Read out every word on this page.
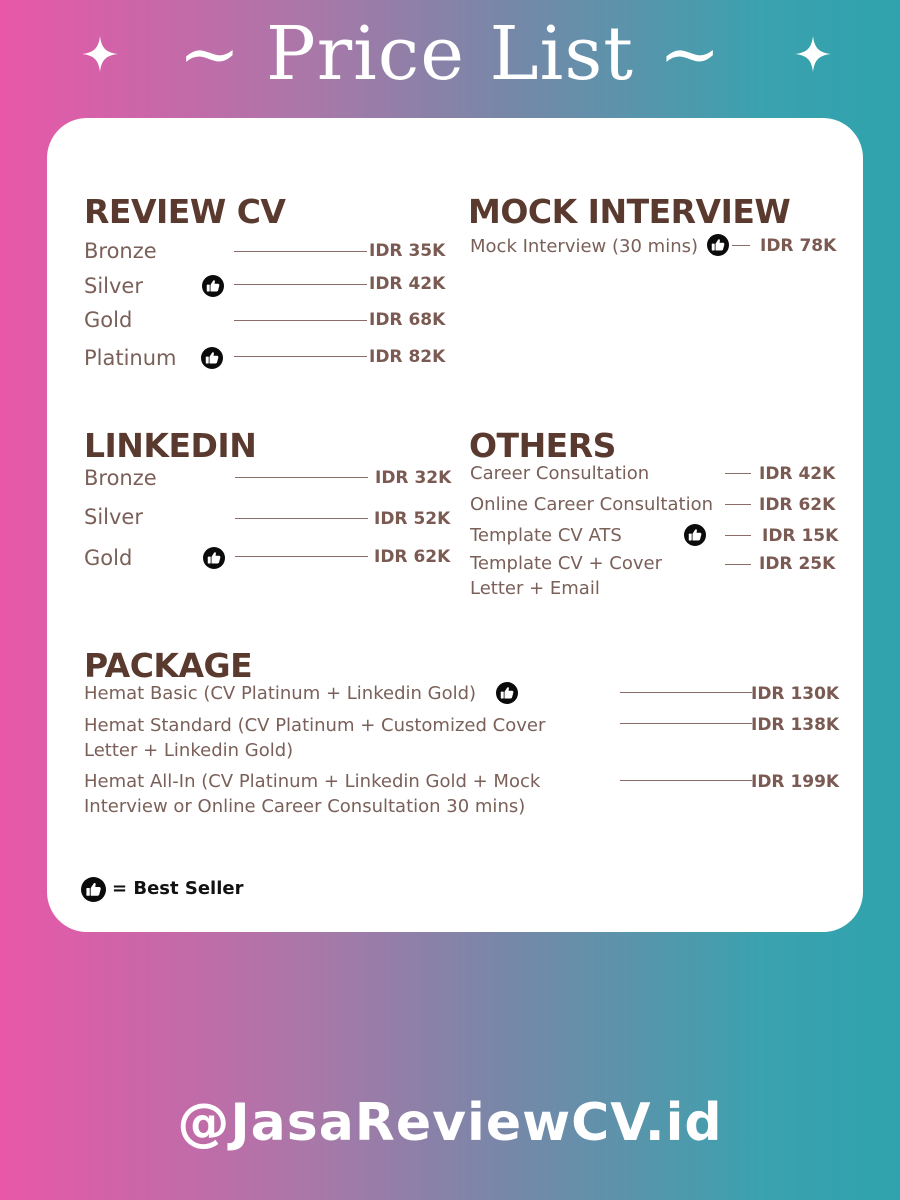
~ Price List ~
REVIEW CV
Bronze	IDR 35K
Silver	IDR 42K
Gold	IDR 68K
Platinum	IDR 82K
MOCK INTERVIEW
Mock Interview (30 mins)	IDR 78K
LINKEDIN
Bronze	IDR 32K
Silver	IDR 52K
Gold	IDR 62K
OTHERS
Career Consultation	IDR 42K
Online Career Consultation	IDR 62K
Template CV ATS	IDR 15K
Template CV + Cover
Letter + Email
IDR 25K
PACKAGE
Hemat Basic (CV Platinum + Linkedin Gold)	IDR 130K
Hemat Standard (CV Platinum + Customized Cover
Letter + Linkedin Gold)
IDR 138K
Hemat All-In (CV Platinum + Linkedin Gold + Mock
Interview or Online Career Consultation 30 mins)
IDR 199K
= Best Seller
@JasaReviewCV.id
